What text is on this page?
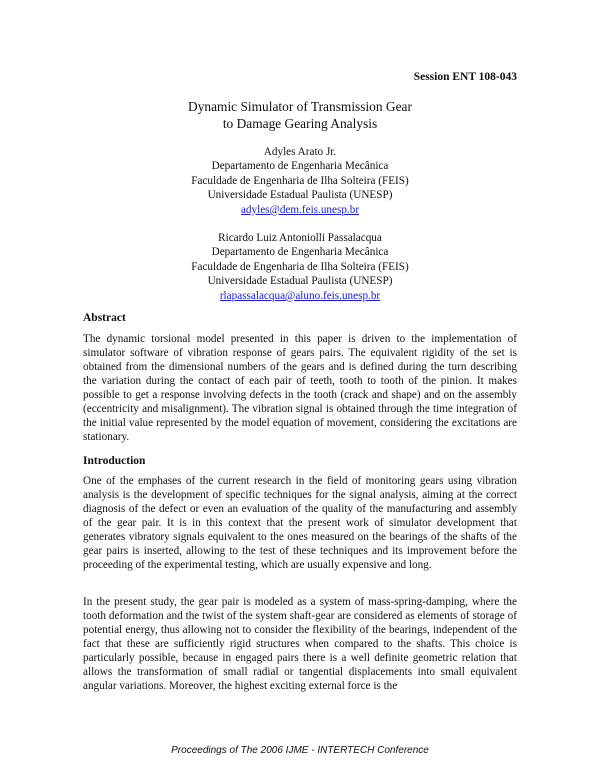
Session ENT 108-043
Dynamic Simulator of Transmission Gear
to Damage Gearing Analysis
Adyles Arato Jr.
Departamento de Engenharia Mecânica
Faculdade de Engenharia de Ilha Solteira (FEIS)
Universidade Estadual Paulista (UNESP)
adyles@dem.feis.unesp.br
Ricardo Luiz Antoniolli Passalacqua
Departamento de Engenharia Mecânica
Faculdade de Engenharia de Ilha Solteira (FEIS)
Universidade Estadual Paulista (UNESP)
rlapassalacqua@aluno.feis.unesp.br
Abstract

The dynamic torsional model presented in this paper is driven to the implementation of simulator software of vibration response of gears pairs. The equivalent rigidity of the set is obtained from the dimensional numbers of the gears and is defined during the turn describing the variation during the contact of each pair of teeth, tooth to tooth of the pinion. It makes possible to get a response involving defects in the tooth (crack and shape) and on the assembly (eccentricity and misalignment). The vibration signal is obtained through the time integration of the initial value represented by the model equation of movement, considering the excitations are stationary.

Introduction

One of the emphases of the current research in the field of monitoring gears using vibration analysis is the development of specific techniques for the signal analysis, aiming at the correct diagnosis of the defect or even an evaluation of the quality of the manufacturing and assembly of the gear pair. It is in this context that the present work of simulator development that generates vibratory signals equivalent to the ones measured on the bearings of the shafts of the gear pairs is inserted, allowing to the test of these techniques and its improvement before the proceeding of the experimental testing, which are usually expensive and long.

In the present study, the gear pair is modeled as a system of mass-spring-damping, where the tooth deformation and the twist of the system shaft-gear are considered as elements of storage of potential energy, thus allowing not to consider the flexibility of the bearings, independent of the fact that these are sufficiently rigid structures when compared to the shafts. This choice is particularly possible, because in engaged pairs there is a well definite geometric relation that allows the transformation of small radial or tangential displacements into small equivalent angular variations. Moreover, the highest exciting external force is the

Proceedings of The 2006 IJME - INTERTECH Conference
